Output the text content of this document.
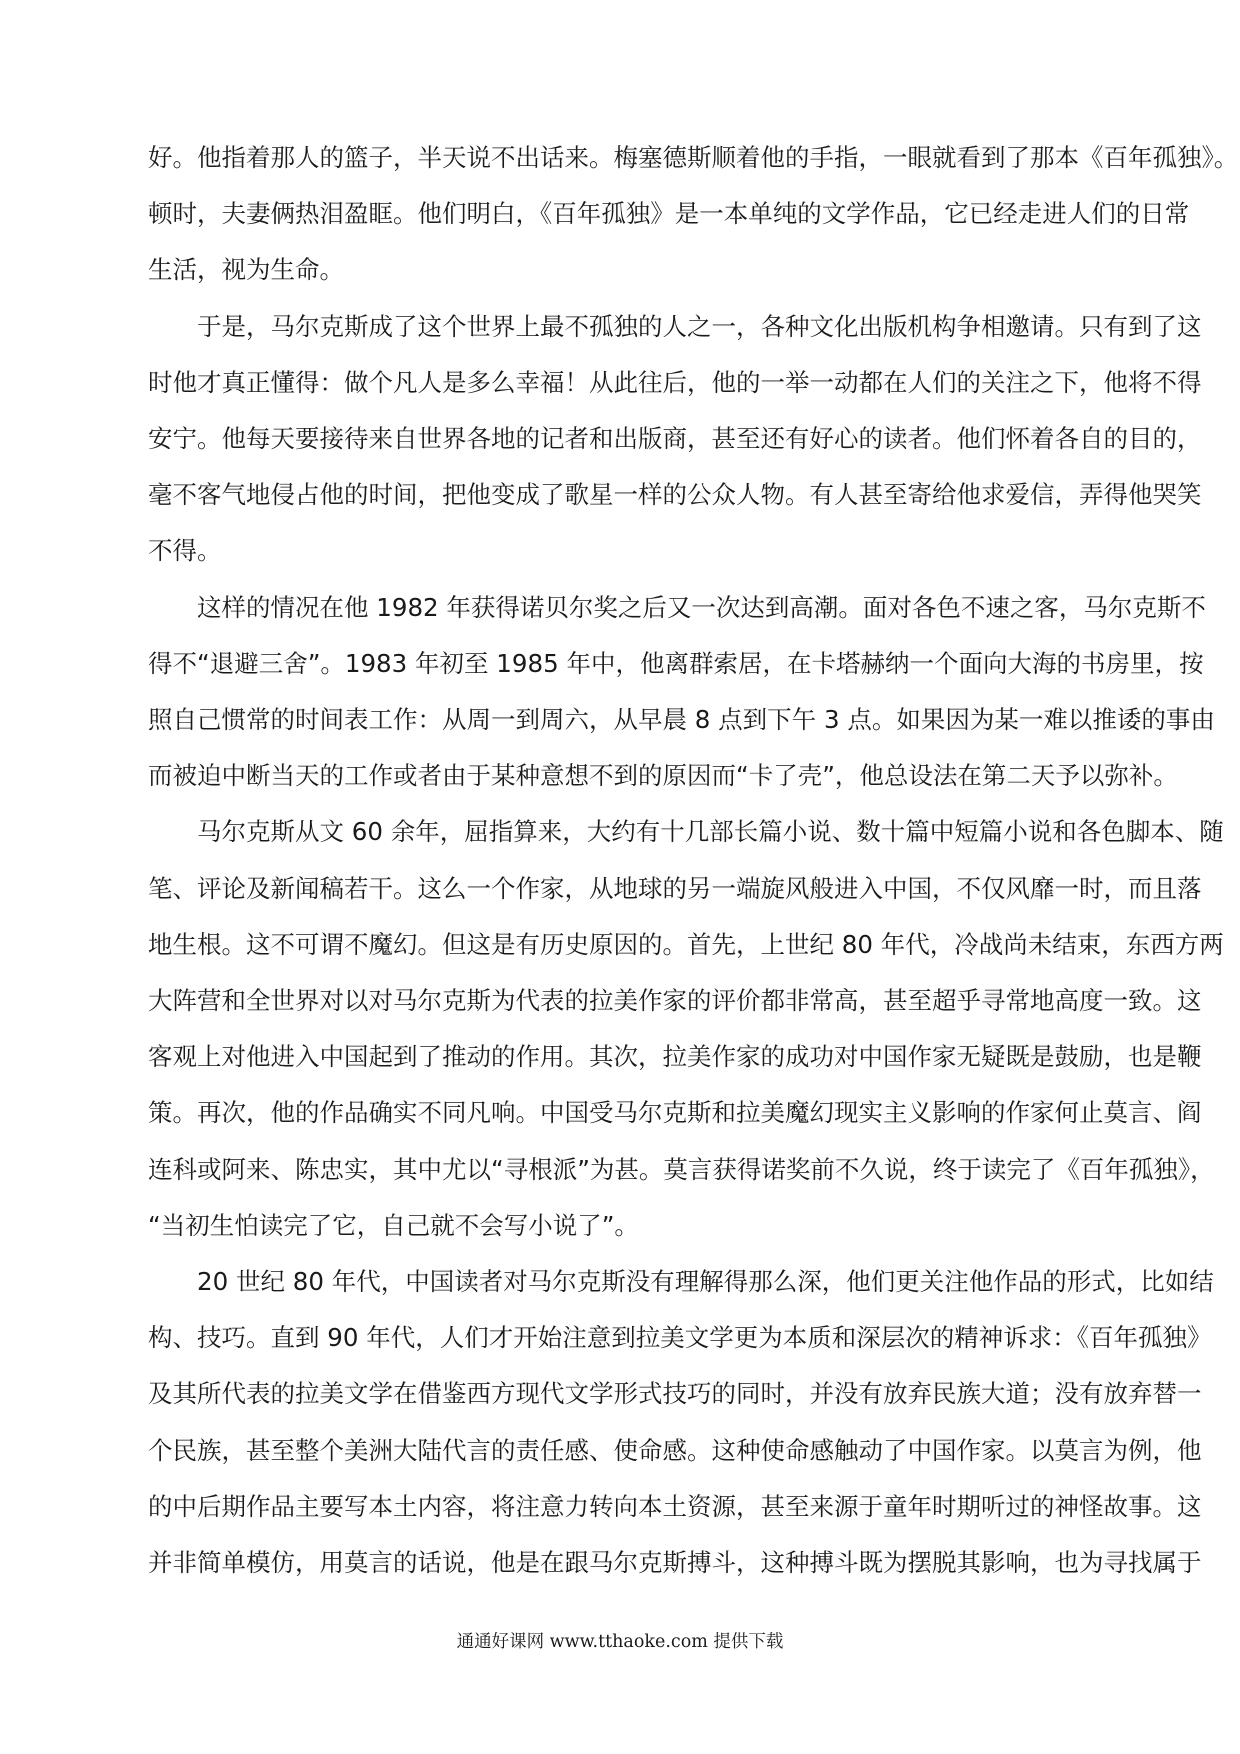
好。他指着那人的篮子，半天说不出话来。梅塞德斯顺着他的手指，一眼就看到了那本《百年孤独》。
顿时，夫妻俩热泪盈眶。他们明白，《百年孤独》是一本单纯的文学作品，它已经走进人们的日常
生活，视为生命。
于是，马尔克斯成了这个世界上最不孤独的人之一，各种文化出版机构争相邀请。只有到了这
时他才真正懂得：做个凡人是多么幸福！从此往后，他的一举一动都在人们的关注之下，他将不得
安宁。他每天要接待来自世界各地的记者和出版商，甚至还有好心的读者。他们怀着各自的目的，
毫不客气地侵占他的时间，把他变成了歌星一样的公众人物。有人甚至寄给他求爱信，弄得他哭笑
不得。
这样的情况在他 1982 年获得诺贝尔奖之后又一次达到高潮。面对各色不速之客，马尔克斯不
得不“退避三舍”。1983 年初至 1985 年中，他离群索居，在卡塔赫纳一个面向大海的书房里，按
照自己惯常的时间表工作：从周一到周六，从早晨 8 点到下午 3 点。如果因为某一难以推诿的事由
而被迫中断当天的工作或者由于某种意想不到的原因而“卡了壳”，他总设法在第二天予以弥补。
马尔克斯从文 60 余年，屈指算来，大约有十几部长篇小说、数十篇中短篇小说和各色脚本、随
笔、评论及新闻稿若干。这么一个作家，从地球的另一端旋风般进入中国，不仅风靡一时，而且落
地生根。这不可谓不魔幻。但这是有历史原因的。首先，上世纪 80 年代，冷战尚未结束，东西方两
大阵营和全世界对以对马尔克斯为代表的拉美作家的评价都非常高，甚至超乎寻常地高度一致。这
客观上对他进入中国起到了推动的作用。其次，拉美作家的成功对中国作家无疑既是鼓励，也是鞭
策。再次，他的作品确实不同凡响。中国受马尔克斯和拉美魔幻现实主义影响的作家何止莫言、阎
连科或阿来、陈忠实，其中尤以“寻根派”为甚。莫言获得诺奖前不久说，终于读完了《百年孤独》，
“当初生怕读完了它，自己就不会写小说了”。
20 世纪 80 年代，中国读者对马尔克斯没有理解得那么深，他们更关注他作品的形式，比如结
构、技巧。直到 90 年代，人们才开始注意到拉美文学更为本质和深层次的精神诉求：《百年孤独》
及其所代表的拉美文学在借鉴西方现代文学形式技巧的同时，并没有放弃民族大道；没有放弃替一
个民族，甚至整个美洲大陆代言的责任感、使命感。这种使命感触动了中国作家。以莫言为例，他
的中后期作品主要写本土内容，将注意力转向本土资源，甚至来源于童年时期听过的神怪故事。这
并非简单模仿，用莫言的话说，他是在跟马尔克斯搏斗，这种搏斗既为摆脱其影响，也为寻找属于
通通好课网 www.tthaoke.com 提供下载
